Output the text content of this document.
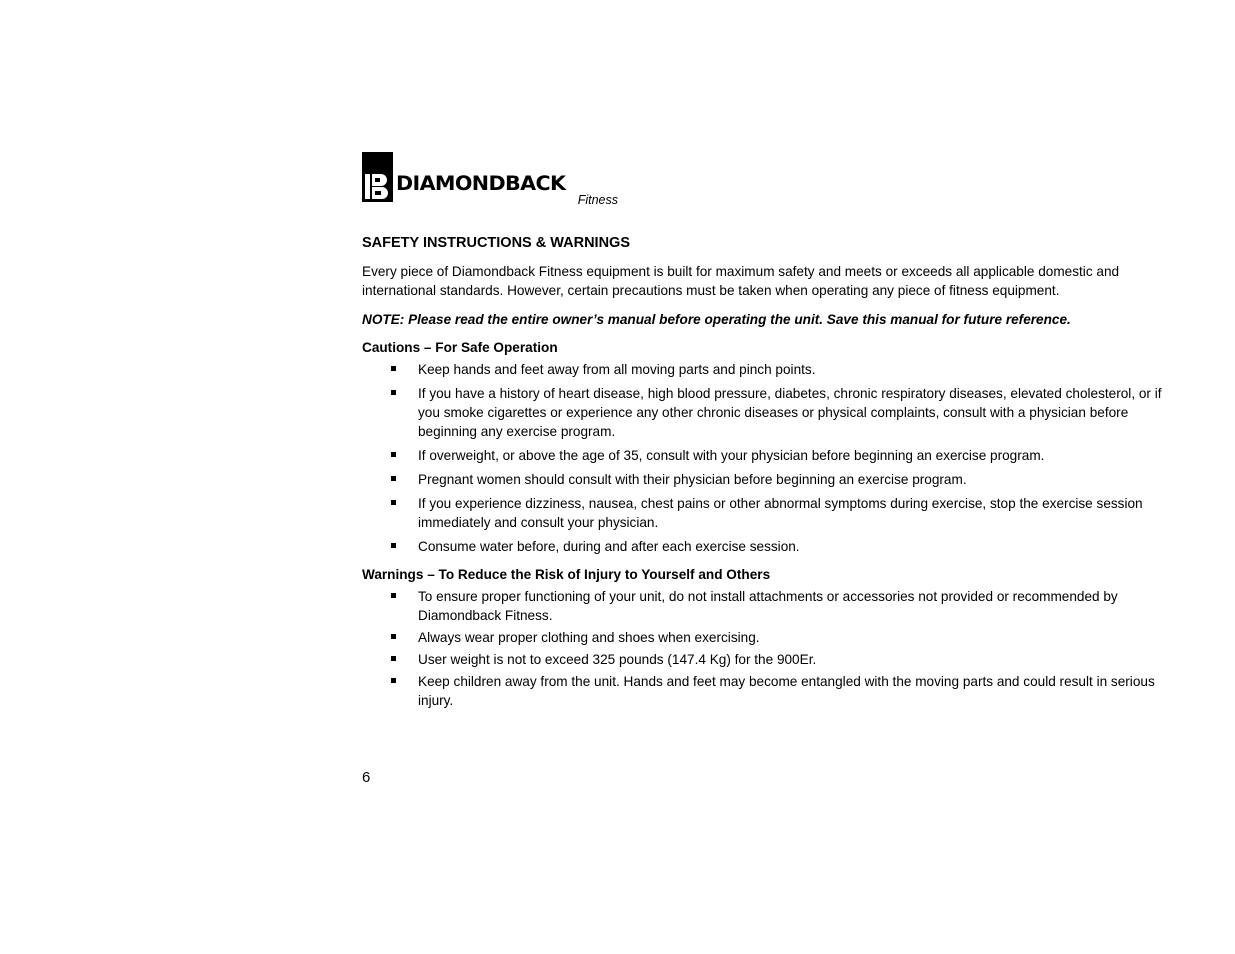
DIAMONDBACK
Fitness
SAFETY INSTRUCTIONS & WARNINGS

Every piece of Diamondback Fitness equipment is built for maximum safety and meets or exceeds all applicable domestic and international standards. However, certain precautions must be taken when operating any piece of fitness equipment.

NOTE: Please read the entire owner’s manual before operating the unit. Save this manual for future reference.

Cautions – For Safe Operation
Keep hands and feet away from all moving parts and pinch points.
If you have a history of heart disease, high blood pressure, diabetes, chronic respiratory diseases, elevated cholesterol, or if you smoke cigarettes or experience any other chronic diseases or physical complaints, consult with a physician before beginning any exercise program.
If overweight, or above the age of 35, consult with your physician before beginning an exercise program.
Pregnant women should consult with their physician before beginning an exercise program.
If you experience dizziness, nausea, chest pains or other abnormal symptoms during exercise, stop the exercise session immediately and consult your physician.
Consume water before, during and after each exercise session.
Warnings – To Reduce the Risk of Injury to Yourself and Others
To ensure proper functioning of your unit, do not install attachments or accessories not provided or recommended by Diamondback Fitness.
Always wear proper clothing and shoes when exercising.
User weight is not to exceed 325 pounds (147.4 Kg) for the 900Er.
Keep children away from the unit. Hands and feet may become entangled with the moving parts and could result in serious injury.
6
